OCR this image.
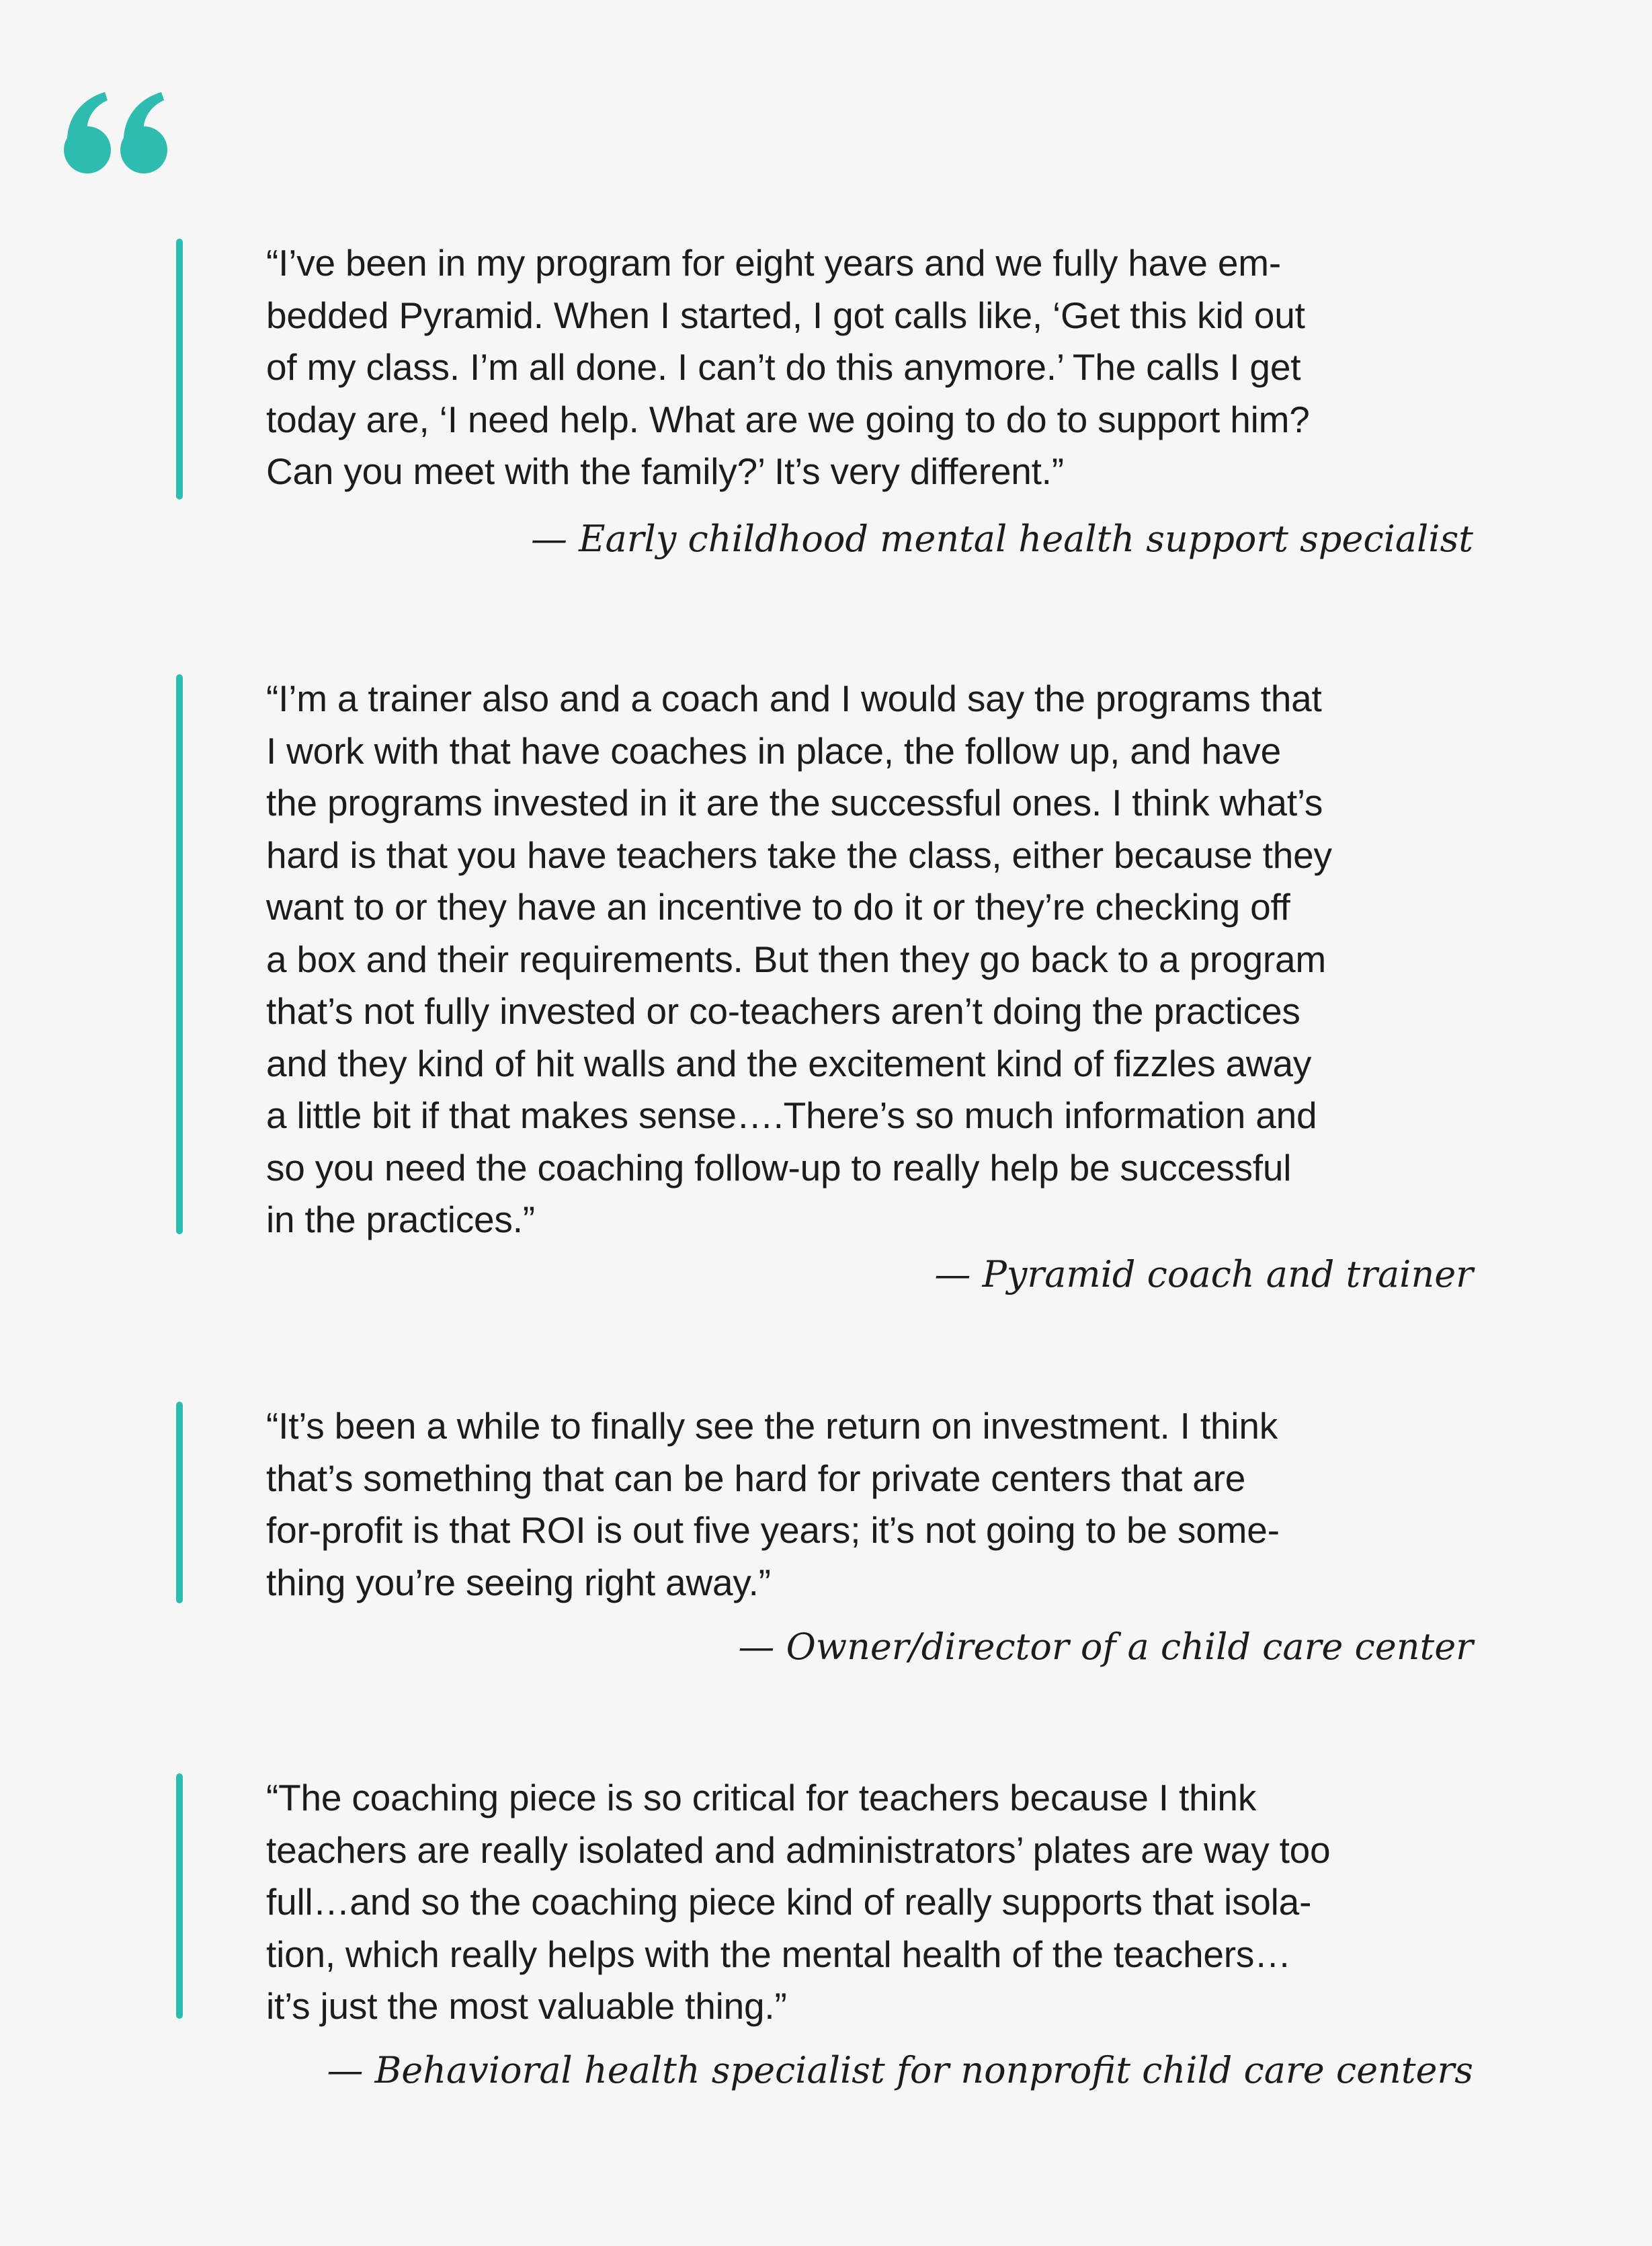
“I’ve been in my program for eight years and we fully have em-
bedded Pyramid. When I started, I got calls like, ‘Get this kid out
of my class. I’m all done. I can’t do this anymore.’ The calls I get
today are, ‘I need help. What are we going to do to support him?
Can you meet with the family?’ It’s very different.”

— Early childhood mental health support specialist

“I’m a trainer also and a coach and I would say the programs that
I work with that have coaches in place, the follow up, and have
the programs invested in it are the successful ones. I think what’s
hard is that you have teachers take the class, either because they
want to or they have an incentive to do it or they’re checking off
a box and their requirements. But then they go back to a program
that’s not fully invested or co-teachers aren’t doing the practices
and they kind of hit walls and the excitement kind of fizzles away
a little bit if that makes sense….There’s so much information and
so you need the coaching follow-up to really help be successful
in the practices.”

— Pyramid coach and trainer

“It’s been a while to finally see the return on investment. I think
that’s something that can be hard for private centers that are
for-profit is that ROI is out five years; it’s not going to be some-
thing you’re seeing right away.”

— Owner/director of a child care center

“The coaching piece is so critical for teachers because I think
teachers are really isolated and administrators’ plates are way too
full…and so the coaching piece kind of really supports that isola-
tion, which really helps with the mental health of the teachers…
it’s just the most valuable thing.”

— Behavioral health specialist for nonprofit child care centers
